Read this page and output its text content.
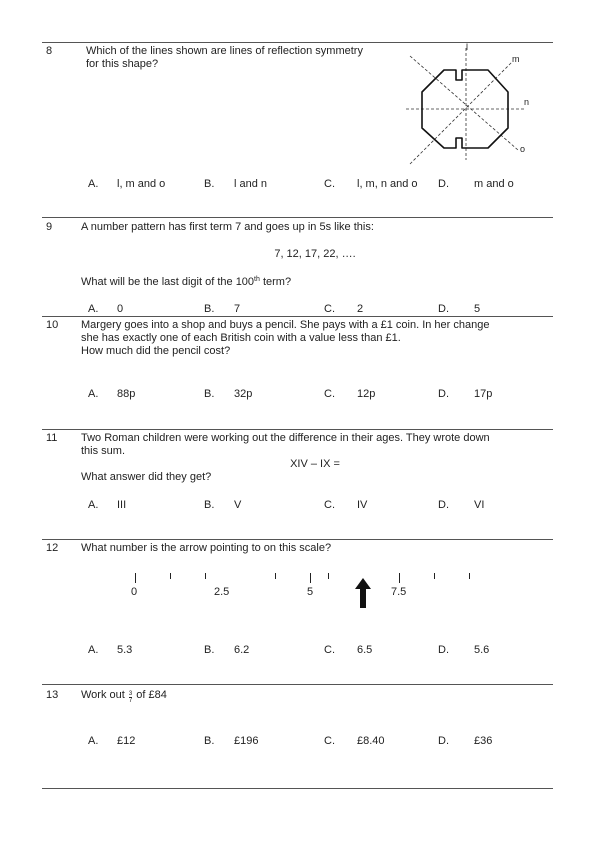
8	Which of the lines shown are lines of reflection symmetry
for this shape?
l
m
n
o
A. l, m and o	B. l and n	C. l, m, n and o D. m and o
9	A number pattern has first term 7 and goes up in 5s like this:
7, 12, 17, 22, ….
What will be the last digit of the 100th term?
A. 0	B. 7	C. 2	D. 5
10 Margery goes into a shop and buys a pencil. She pays with a £1 coin. In her change
she has exactly one of each British coin with a value less than £1.
How much did the pencil cost?
A. 88p	B. 32p	C. 12p	D. 17p
11 Two Roman children were working out the difference in their ages. They wrote down
this sum.
XIV – IX =
What answer did they get?
A. III	B. V	C. IV	D. VI
12 What number is the arrow pointing to on this scale?
0	2.5	5	7.5
A. 5.3	B. 6.2	C. 6.5	D. 5.6
13 Work out $\frac{3}{7}$ of £84
A. £12	B. £196	C. £8.40	D. £36
